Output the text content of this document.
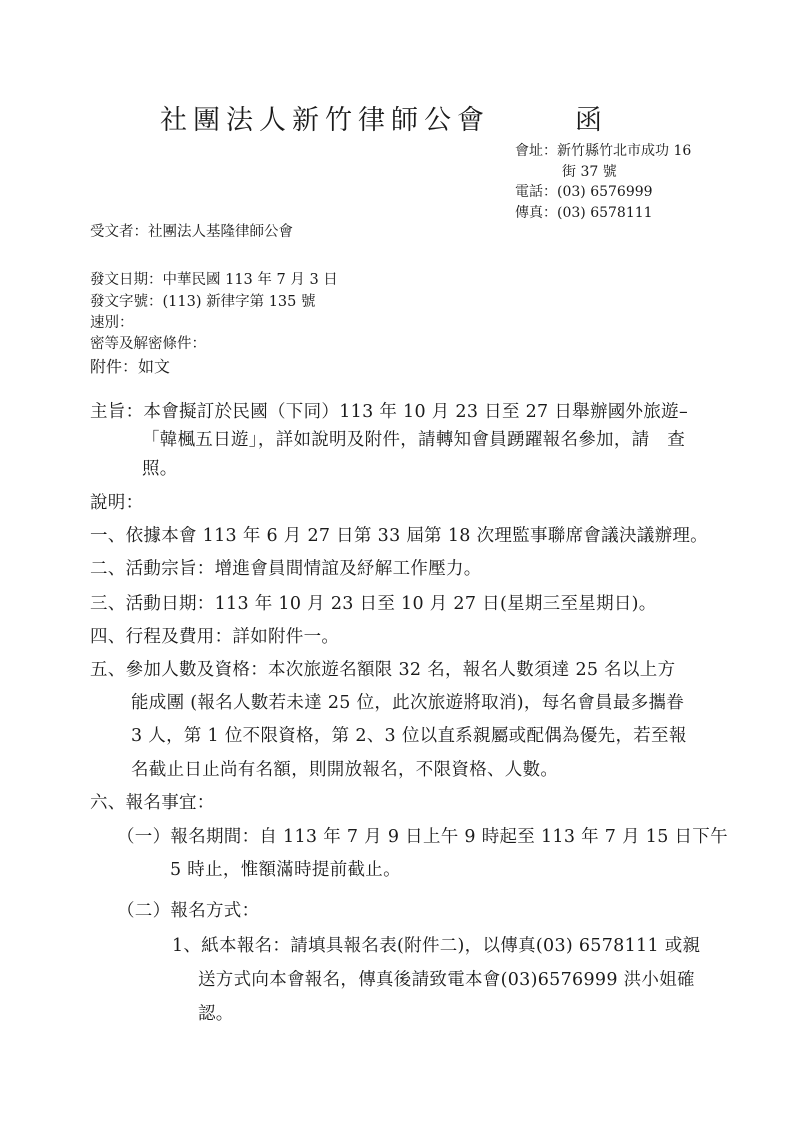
社團法人新竹律師公會	函
會址：新竹縣竹北市成功 16
街 37 號
電話：(03) 6576999
傳真：(03) 6578111
受文者：社團法人基隆律師公會
發文日期：中華民國 113 年 7 月 3 日
發文字號：(113) 新律字第 135 號
速別：
密等及解密條件：
附件：如文
主旨：本會擬訂於民國（下同）113 年 10 月 23 日至 27 日舉辦國外旅遊–
「韓楓五日遊」，詳如說明及附件，請轉知會員踴躍報名參加，請　查
照。
說明：
一、依據本會 113 年 6 月 27 日第 33 屆第 18 次理監事聯席會議決議辦理。
二、活動宗旨：增進會員間情誼及紓解工作壓力。
三、活動日期：113 年 10 月 23 日至 10 月 27 日(星期三至星期日)。
四、行程及費用：詳如附件一。
五、參加人數及資格：本次旅遊名額限 32 名，報名人數須達 25 名以上方
能成團 (報名人數若未達 25 位，此次旅遊將取消)，每名會員最多攜眷
3 人，第 1 位不限資格，第 2、3 位以直系親屬或配偶為優先，若至報
名截止日止尚有名額，則開放報名，不限資格、人數。
六、報名事宜：
（一）報名期間：自 113 年 7 月 9 日上午 9 時起至 113 年 7 月 15 日下午
5 時止，惟額滿時提前截止。
（二）報名方式：
1、紙本報名：請填具報名表(附件二)，以傳真(03) 6578111 或親
送方式向本會報名，傳真後請致電本會(03)6576999 洪小姐確
認。
